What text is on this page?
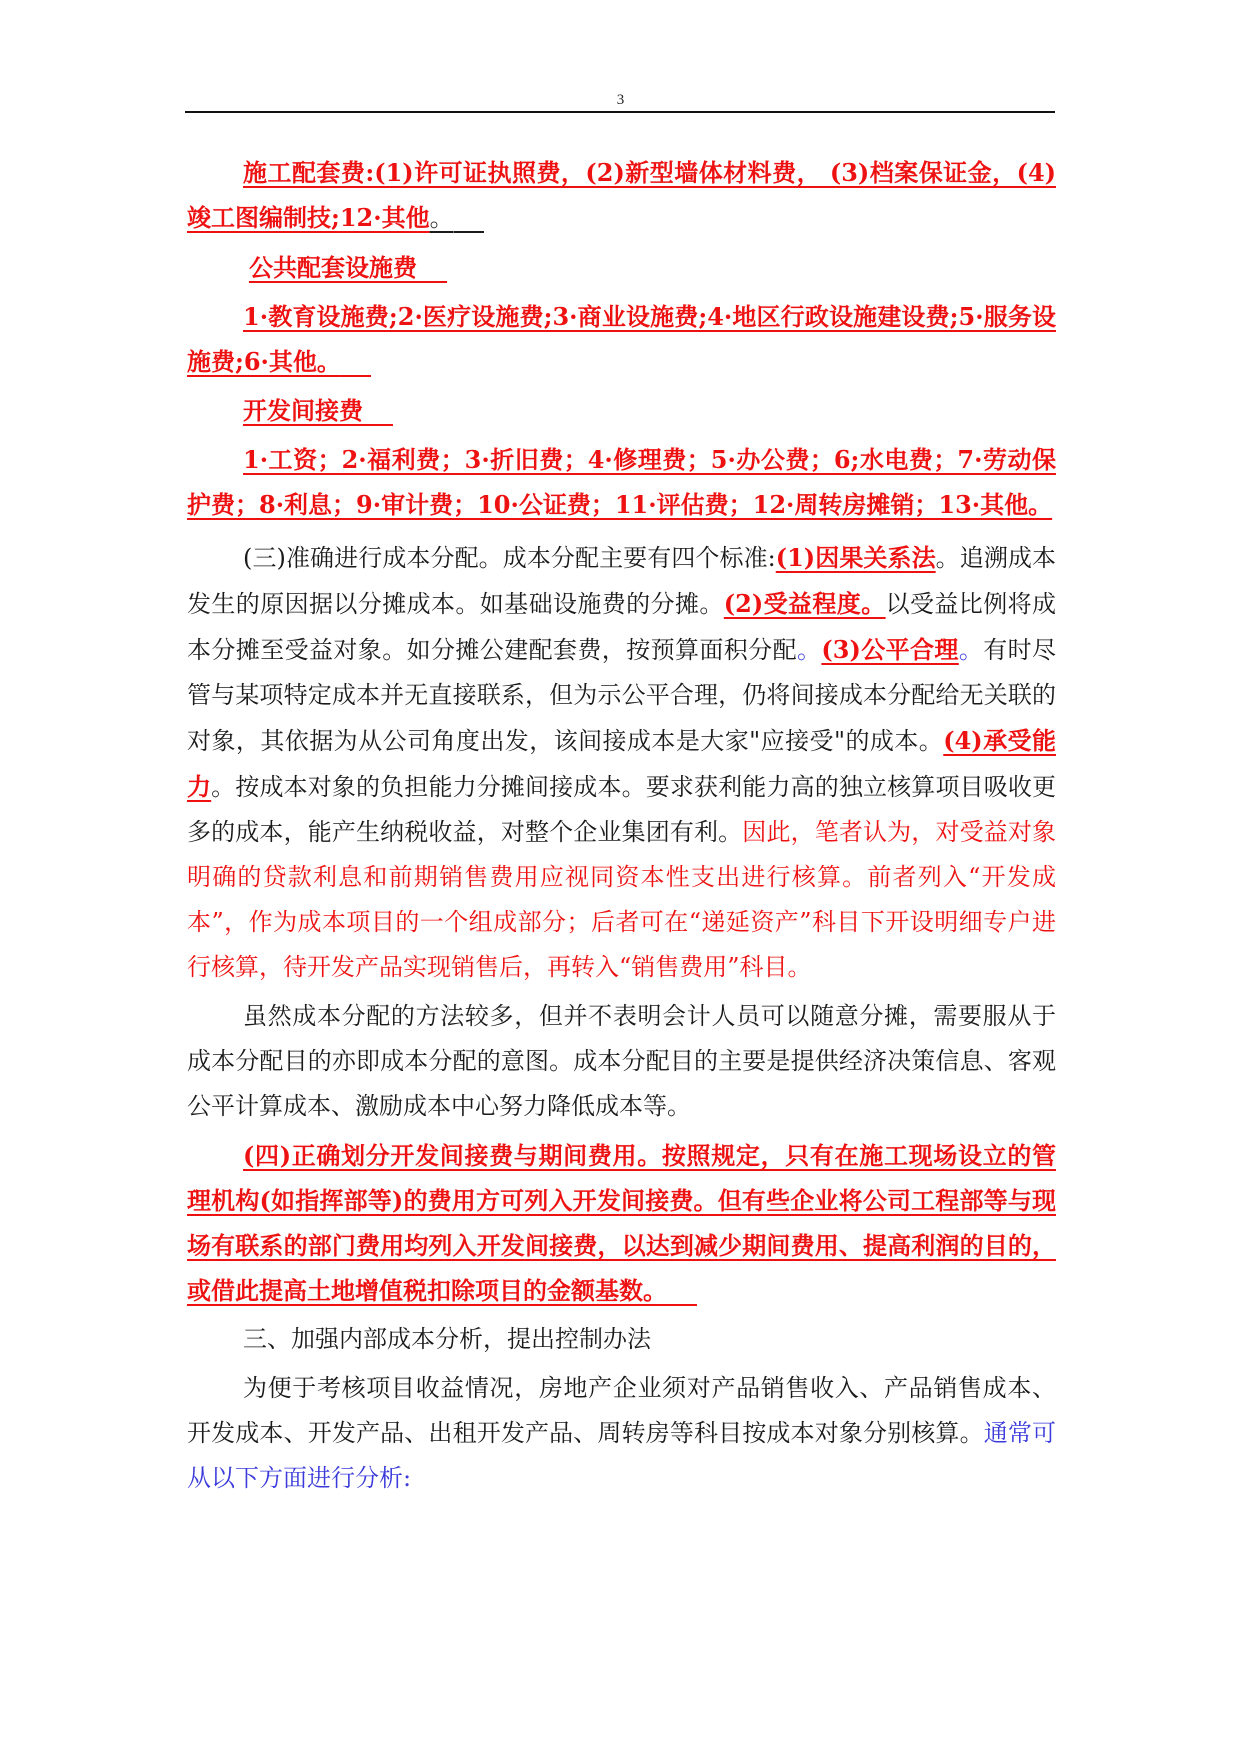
3

施工配套费:(1)许可证执照费，(2)新型墙体材料费， (3)档案保证金，(4)竣工图编制技;12·其他。

公共配套设施费

1·教育设施费;2·医疗设施费;3·商业设施费;4·地区行政设施建设费;5·服务设施费;6·其他。

开发间接费

1·工资；2·福利费；3·折旧费；4·修理费；5·办公费；6;水电费；7·劳动保护费；8·利息；9·审计费；10·公证费；11·评估费；12·周转房摊销；13·其他。

(三)准确进行成本分配。成本分配主要有四个标准:(1)因果关系法。追溯成本发生的原因据以分摊成本。如基础设施费的分摊。(2)受益程度。以受益比例将成本分摊至受益对象。如分摊公建配套费，按预算面积分配。(3)公平合理。有时尽管与某项特定成本并无直接联系，但为示公平合理，仍将间接成本分配给无关联的对象，其依据为从公司角度出发，该间接成本是大家"应接受"的成本。(4)承受能力。按成本对象的负担能力分摊间接成本。要求获利能力高的独立核算项目吸收更多的成本，能产生纳税收益，对整个企业集团有利。因此，笔者认为，对受益对象明确的贷款利息和前期销售费用应视同资本性支出进行核算。前者列入“开发成本”，作为成本项目的一个组成部分；后者可在“递延资产”科目下开设明细专户进行核算，待开发产品实现销售后，再转入“销售费用”科目。

虽然成本分配的方法较多，但并不表明会计人员可以随意分摊，需要服从于成本分配目的亦即成本分配的意图。成本分配目的主要是提供经济决策信息、客观公平计算成本、激励成本中心努力降低成本等。

(四)正确划分开发间接费与期间费用。按照规定，只有在施工现场设立的管理机构(如指挥部等)的费用方可列入开发间接费。但有些企业将公司工程部等与现场有联系的部门费用均列入开发间接费，以达到减少期间费用、提高利润的目的，或借此提高土地增值税扣除项目的金额基数。

三、加强内部成本分析，提出控制办法

为便于考核项目收益情况，房地产企业须对产品销售收入、产品销售成本、开发成本、开发产品、出租开发产品、周转房等科目按成本对象分别核算。通常可从以下方面进行分析:
